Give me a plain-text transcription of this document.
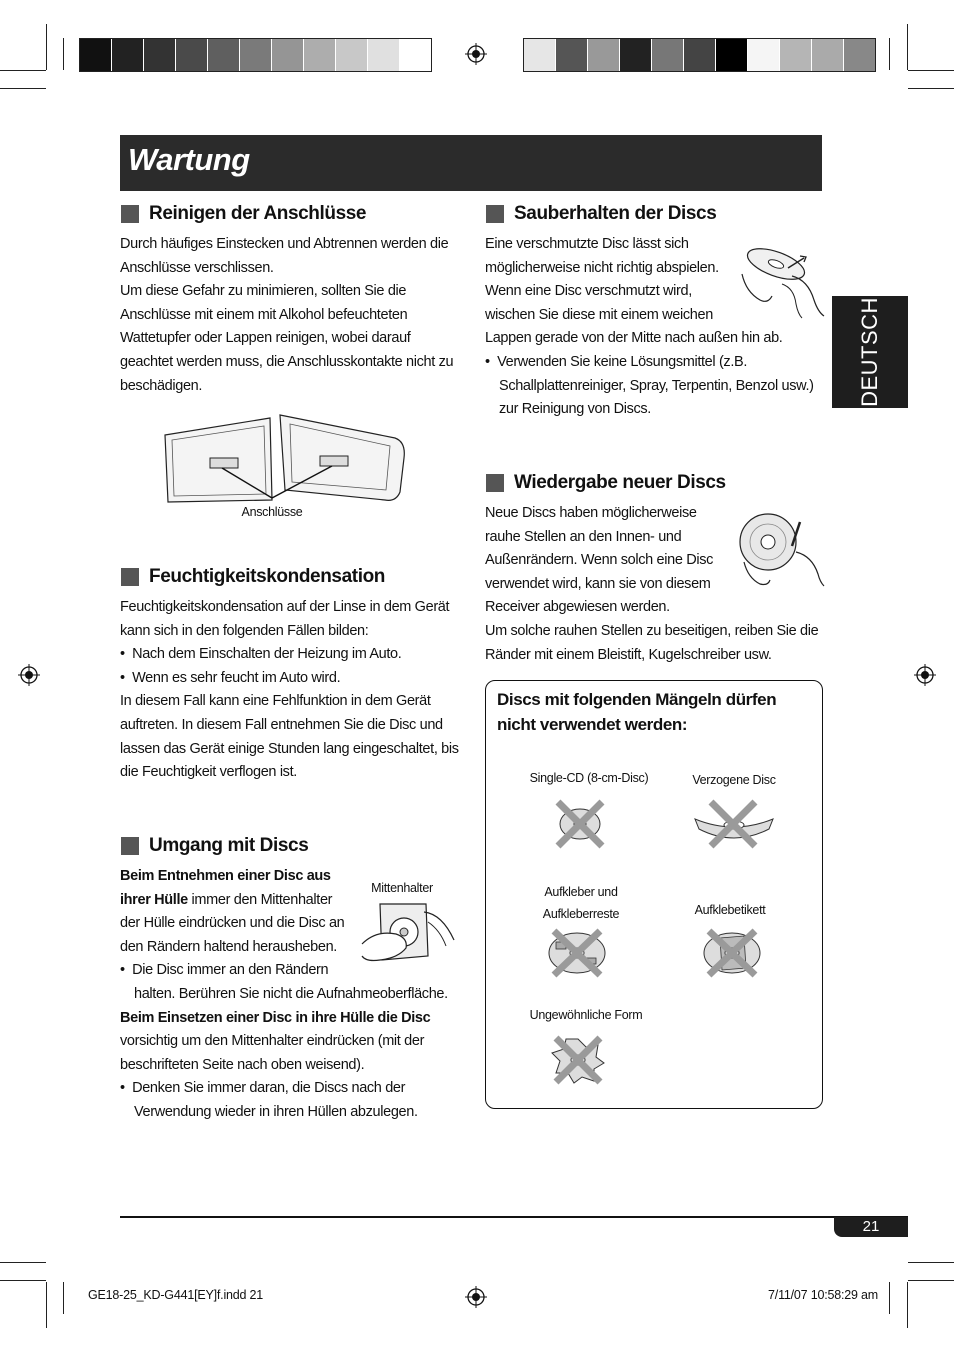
Wartung
DEUTSCH
Reinigen der Anschlüsse

Durch häufiges Einstecken und Abtrennen werden die

Anschlüsse verschlissen.

Um diese Gefahr zu minimieren, sollten Sie die

Anschlüsse mit einem mit Alkohol befeuchteten

Wattetupfer oder Lappen reinigen, wobei darauf

geachtet werden muss, die Anschlusskontakte nicht zu

beschädigen.

Anschlüsse
Feuchtigkeitskondensation

Feuchtigkeitskondensation auf der Linse in dem Gerät

kann sich in den folgenden Fällen bilden:

•  Nach dem Einschalten der Heizung im Auto.

•  Wenn es sehr feucht im Auto wird.

In diesem Fall kann eine Fehlfunktion in dem Gerät

auftreten. In diesem Fall entnehmen Sie die Disc und

lassen das Gerät einige Stunden lang eingeschaltet, bis

die Feuchtigkeit verflogen ist.

Umgang mit Discs

Beim Entnehmen einer Disc aus

ihrer Hülle immer den Mittenhalter

der Hülle eindrücken und die Disc an

den Rändern haltend herausheben.

•  Die Disc immer an den Rändern

halten. Berühren Sie nicht die Aufnahmeoberfläche.

Beim Einsetzen einer Disc in ihre Hülle die Disc

vorsichtig um den Mittenhalter eindrücken (mit der

beschrifteten Seite nach oben weisend).

•  Denken Sie immer daran, die Discs nach der

Verwendung wieder in ihren Hüllen abzulegen.

Mittenhalter
Sauberhalten der Discs

Eine verschmutzte Disc lässt sich

möglicherweise nicht richtig abspielen.

Wenn eine Disc verschmutzt wird,

wischen Sie diese mit einem weichen

Lappen gerade von der Mitte nach außen hin ab.

•  Verwenden Sie keine Lösungsmittel (z.B.

Schallplattenreiniger, Spray, Terpentin, Benzol usw.)

zur Reinigung von Discs.

Wiedergabe neuer Discs

Neue Discs haben möglicherweise

rauhe Stellen an den Innen- und

Außenrändern. Wenn solch eine Disc

verwendet wird, kann sie von diesem

Receiver abgewiesen werden.

Um solche rauhen Stellen zu beseitigen, reiben Sie die

Ränder mit einem Bleistift, Kugelschreiber usw.

Discs mit folgenden Mängeln dürfen
nicht verwendet werden:
Single-CD (8-cm-Disc)	Verzogene Disc
Aufkleber und
Aufkleberreste	Aufklebetikett
Ungewöhnliche Form
21
GE18-25_KD-G441[EY]f.indd 21	7/11/07 10:58:29 am
